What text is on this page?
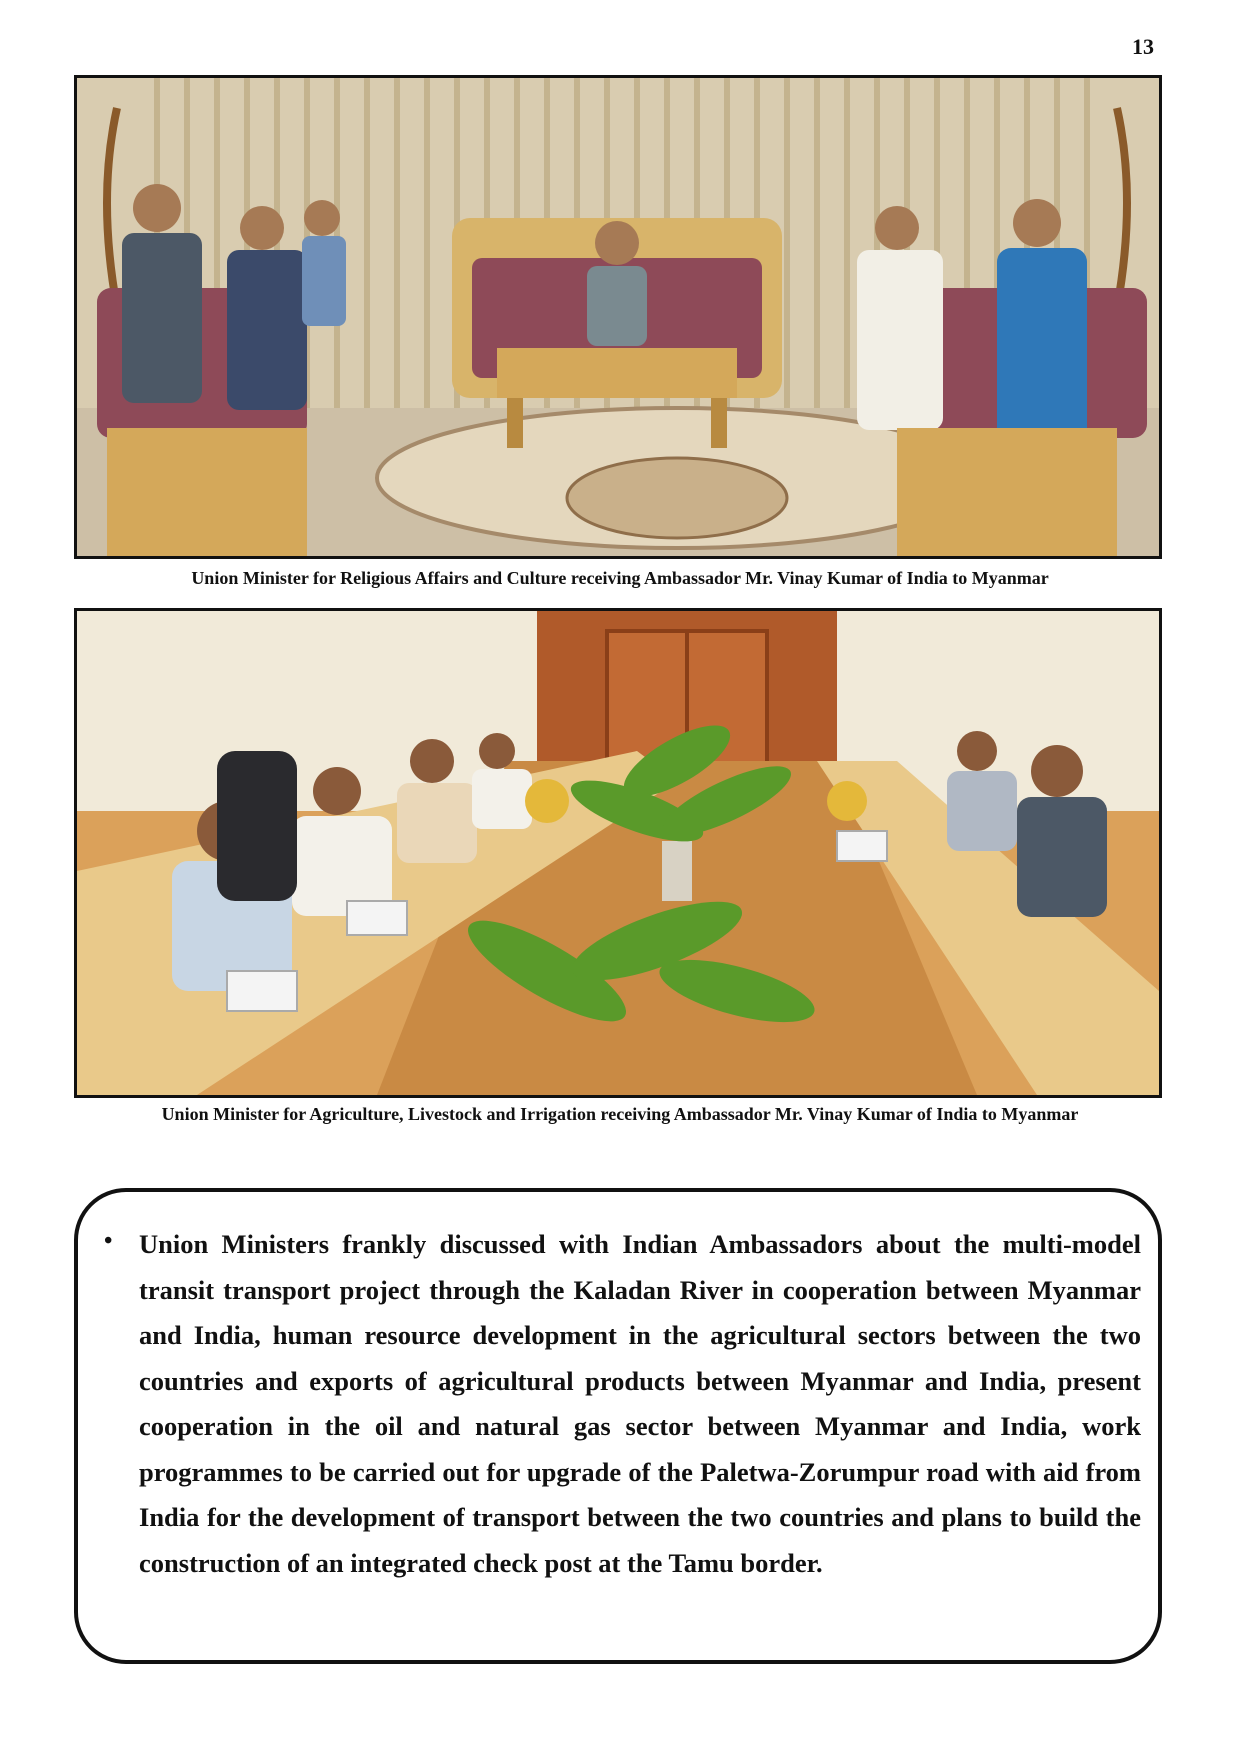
13
Union Minister for Religious Affairs and Culture receiving Ambassador Mr. Vinay Kumar of India to Myanmar
Union Minister for Agriculture, Livestock and Irrigation receiving Ambassador Mr. Vinay Kumar of India to Myanmar
• Union Ministers frankly discussed with Indian Ambassadors about the multi-model transit transport project through the Kaladan River in cooperation between Myanmar and India, human resource development in the agricultural sectors between the two countries and exports of agricultural products between Myanmar and India, present cooperation in the oil and natural gas sector between Myanmar and India, work programmes to be carried out for upgrade of the Paletwa-Zorumpur road with aid from India for the development of transport between the two countries and plans to build the construction of an integrated check post at the Tamu border.
